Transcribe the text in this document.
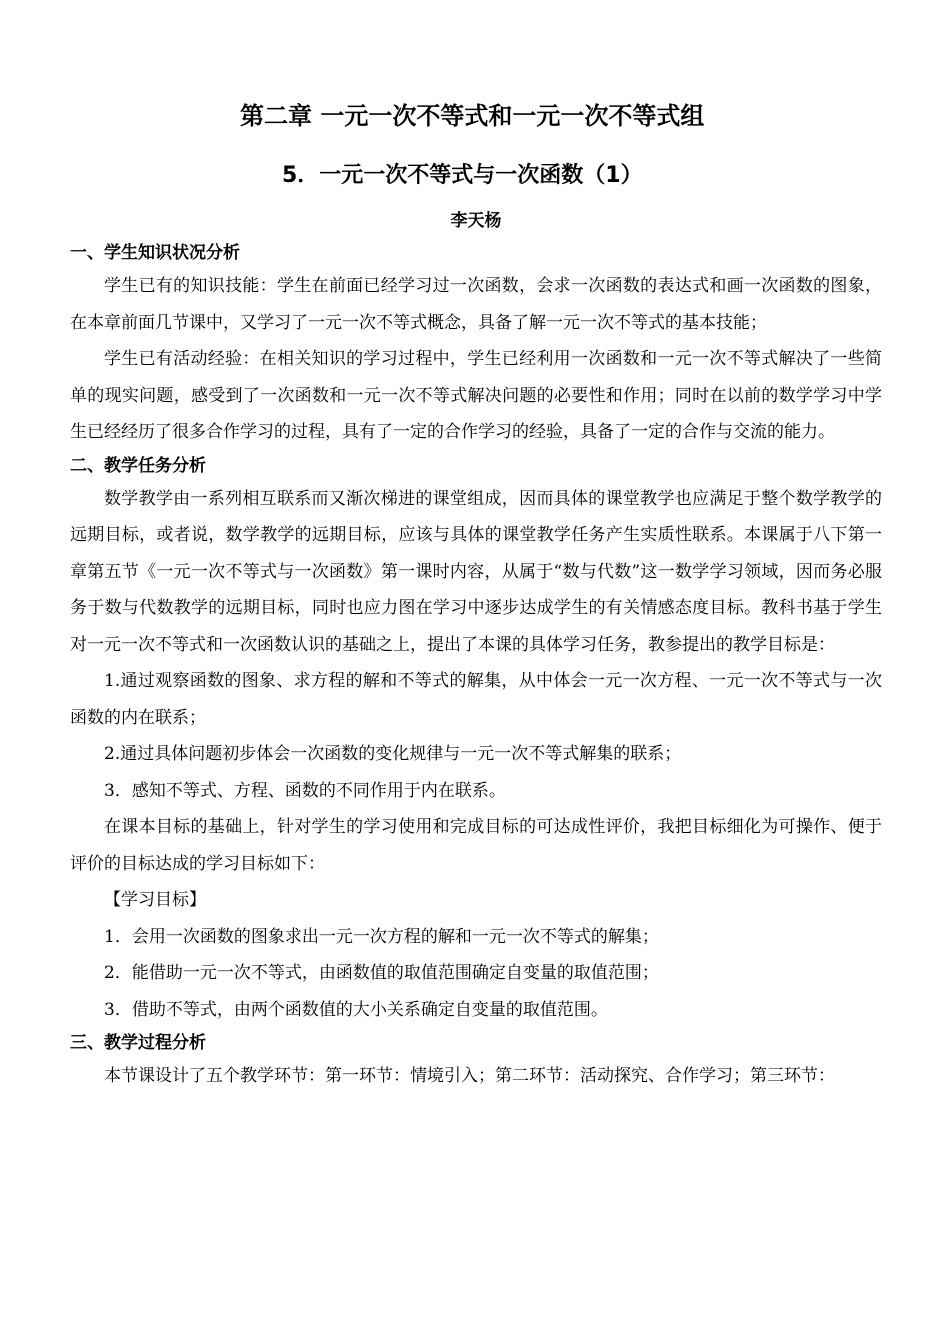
第二章 一元一次不等式和一元一次不等式组
5．一元一次不等式与一次函数（1）
李天杨
一、学生知识状况分析

学生已有的知识技能：学生在前面已经学习过一次函数，会求一次函数的表达式和画一次函数的图象，在本章前面几节课中，又学习了一元一次不等式概念，具备了解一元一次不等式的基本技能；

学生已有活动经验：在相关知识的学习过程中，学生已经利用一次函数和一元一次不等式解决了一些简单的现实问题，感受到了一次函数和一元一次不等式解决问题的必要性和作用；同时在以前的数学学习中学生已经经历了很多合作学习的过程，具有了一定的合作学习的经验，具备了一定的合作与交流的能力。

二、教学任务分析

数学教学由一系列相互联系而又渐次梯进的课堂组成，因而具体的课堂教学也应满足于整个数学教学的远期目标，或者说，数学教学的远期目标，应该与具体的课堂教学任务产生实质性联系。本课属于八下第一章第五节《一元一次不等式与一次函数》第一课时内容，从属于“数与代数”这一数学学习领域，因而务必服务于数与代数教学的远期目标，同时也应力图在学习中逐步达成学生的有关情感态度目标。教科书基于学生对一元一次不等式和一次函数认识的基础之上，提出了本课的具体学习任务，教参提出的教学目标是：

1.通过观察函数的图象、求方程的解和不等式的解集，从中体会一元一次方程、一元一次不等式与一次函数的内在联系；

2.通过具体问题初步体会一次函数的变化规律与一元一次不等式解集的联系；

3．感知不等式、方程、函数的不同作用于内在联系。

在课本目标的基础上，针对学生的学习使用和完成目标的可达成性评价，我把目标细化为可操作、便于评价的目标达成的学习目标如下：

【学习目标】

1．会用一次函数的图象求出一元一次方程的解和一元一次不等式的解集；

2．能借助一元一次不等式，由函数值的取值范围确定自变量的取值范围；

3．借助不等式，由两个函数值的大小关系确定自变量的取值范围。

三、教学过程分析

本节课设计了五个教学环节：第一环节：情境引入；第二环节：活动探究、合作学习；第三环节：
